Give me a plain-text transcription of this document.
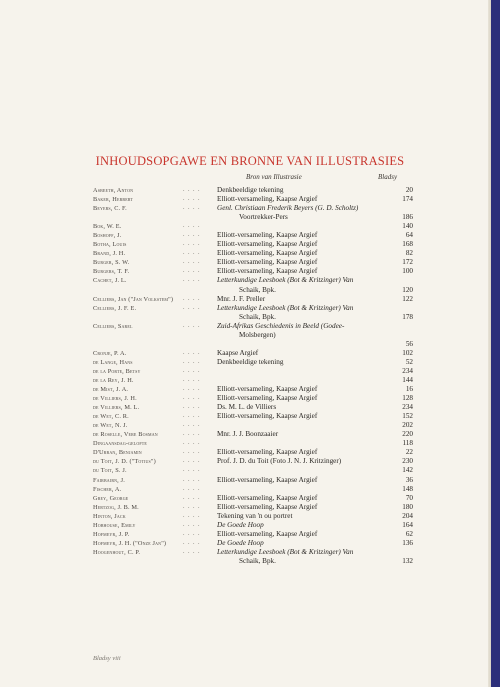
INHOUDSOPGAWE EN BRONNE VAN ILLUSTRASIES
Bron van Illustrasie	Bladsy
Asbeeth, Anton	. . . .	Denkbeeldige tekening	20
Baker, Herbert	. . . .	Elliott-versameling, Kaapse Argief	174
Beyers, C. F.	. . . .	Genl. Christiaan Frederik Beyers (G. D. Scholtz)
Voortrekker-Pers	186
Bok, W. E.	. . . .	140
Boshoff, J.	. . . .	Elliott-versameling, Kaapse Argief	64
Botha, Louis	. . . .	Elliott-versameling, Kaapse Argief	168
Brand, J. H.	. . . .	Elliott-versameling, Kaapse Argief	82
Burger, S. W.	. . . .	Elliott-versameling, Kaapse Argief	172
Burgers, T. F.	. . . .	Elliott-versameling, Kaapse Argief	100
Cachet, J. L.	. . . .	Letterkundige Leesboek (Bot & Kritzinger) Van
Schaik, Bpk.	120
Celliers, Jan ("Jan Volkstem")	. . . .	Mnr. J. F. Preller	122
Celliers, J. F. E.	. . . .	Letterkundige Leesboek (Bot & Kritzinger) Van
Schaik, Bpk.	178
Celliers, Sarel	. . . .	Zuid-Afrikas Geschiedenis in Beeld (Godee-
Molsbergen)
56
Cronje, P. A.	. . . .	Kaapse Argief	102
de Lange, Hans	. . . .	Denkbeeldige tekening	52
de la Porte, Betsy	. . . .	234
de la Rey, J. H.	. . . .	144
de Mist, J. A.	. . . .	Elliott-versameling, Kaapse Argief	16
de Villiers, J. H.	. . . .	Elliott-versameling, Kaapse Argief	128
de Villiers, M. L.	. . . .	Ds. M. L. de Villiers	234
de Wet, C. R.	. . . .	Elliott-versameling, Kaapse Argief	152
de Wet, N. J.	. . . .	202
de Roselle, Vere Bosman	. . . .	Mnr. J. J. Boonzaaier	220
Dingaansdag-gelofte	. . . .	118
D'Urban, Benjamin	. . . .	Elliott-versameling, Kaapse Argief	22
du Toit, J. D. ("Totius")	. . . .	Prof. J. D. du Toit (Foto J. N. J. Kritzinger)	230
du Toit, S. J.	. . . .	142
Fairbairn, J.	. . . .	Elliott-versameling, Kaapse Argief	36
Fischer, A.	. . . .	148
Grey, George	. . . .	Elliott-versameling, Kaapse Argief	70
Hertzog, J. B. M.	. . . .	Elliott-versameling, Kaapse Argief	180
Hinton, Jack	. . . .	Tekening van 'n ou portret	204
Hobhouse, Emily	. . . .	De Goede Hoop	164
Hofmeyr, J. P.	. . . .	Elliott-versameling, Kaapse Argief	62
Hofmeyr, J. H. ("Onze Jan")	. . . .	De Goede Hoop	136
Hoogenhout, C. P.	. . . .	Letterkundige Leesboek (Bot & Kritzinger) Van
Schaik, Bpk.	132
Bladsy viii
